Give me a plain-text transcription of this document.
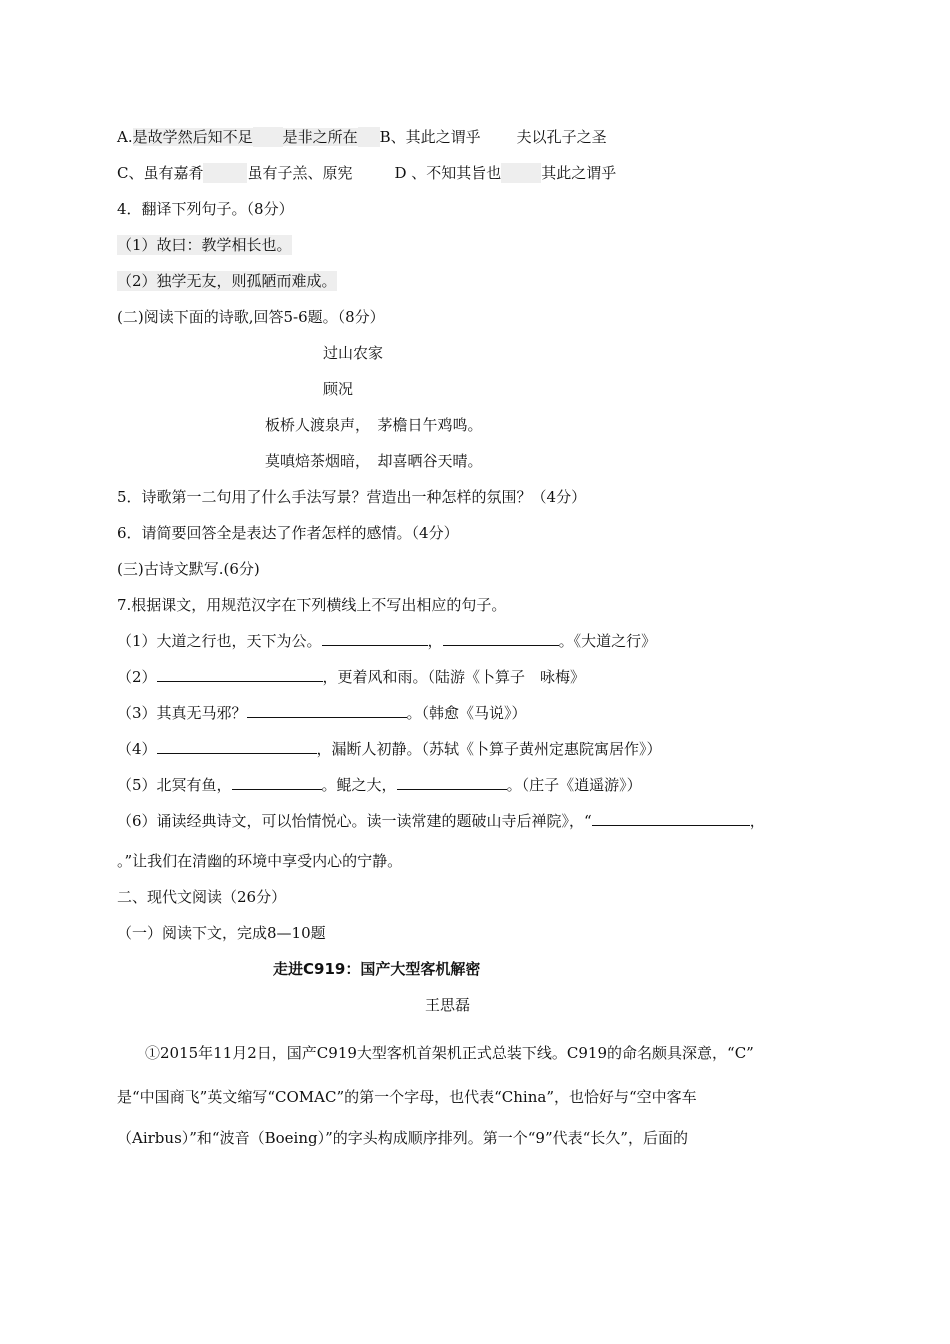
A.是故学然后知不足 是非之所在 B、其此之谓乎 夫以孔子之圣
C、虽有嘉肴	虽有子羔、原宪	D 、不知其旨也	其此之谓乎
4．翻译下列句子。（8分）
（1）故曰：教学相长也。
（2）独学无友，则孤陋而难成。
(二)阅读下面的诗歌,回答5-6题。（8分）
过山农家
顾况
板桥人渡泉声，　茅檐日午鸡鸣。
莫嗔焙茶烟暗，　却喜晒谷天晴。
5．诗歌第一二句用了什么手法写景？营造出一种怎样的氛围？（4分）
6．请简要回答全是表达了作者怎样的感情。（4分）
(三)古诗文默写.(6分)
7.根据课文，用规范汉字在下列横线上不写出相应的句子。
（1）大道之行也，天下为公。	，	。《大道之行》
（2）	，更着风和雨。（陆游《卜算子　咏梅》
（3）其真无马邪？	。（韩愈《马说》）
（4）	，漏断人初静。（苏轼《卜算子黄州定惠院寓居作》）
（5）北冥有鱼，	。鲲之大，	。（庄子《逍遥游》）
（6）诵读经典诗文，可以怡情悦心。读一读常建的题破山寺后禅院》，“	，
。”让我们在清幽的环境中享受内心的宁静。
二、现代文阅读（26分）
（一）阅读下文，完成8—10题
走进C919：国产大型客机解密
王思磊
①2015年11月2日，国产C919大型客机首架机正式总装下线。C919的命名颇具深意，“C”
是“中国商飞”英文缩写“COMAC”的第一个字母，也代表“China”，也恰好与“空中客车
（Airbus）”和“波音（Boeing）”的字头构成顺序排列。第一个“9”代表“长久”，后面的
